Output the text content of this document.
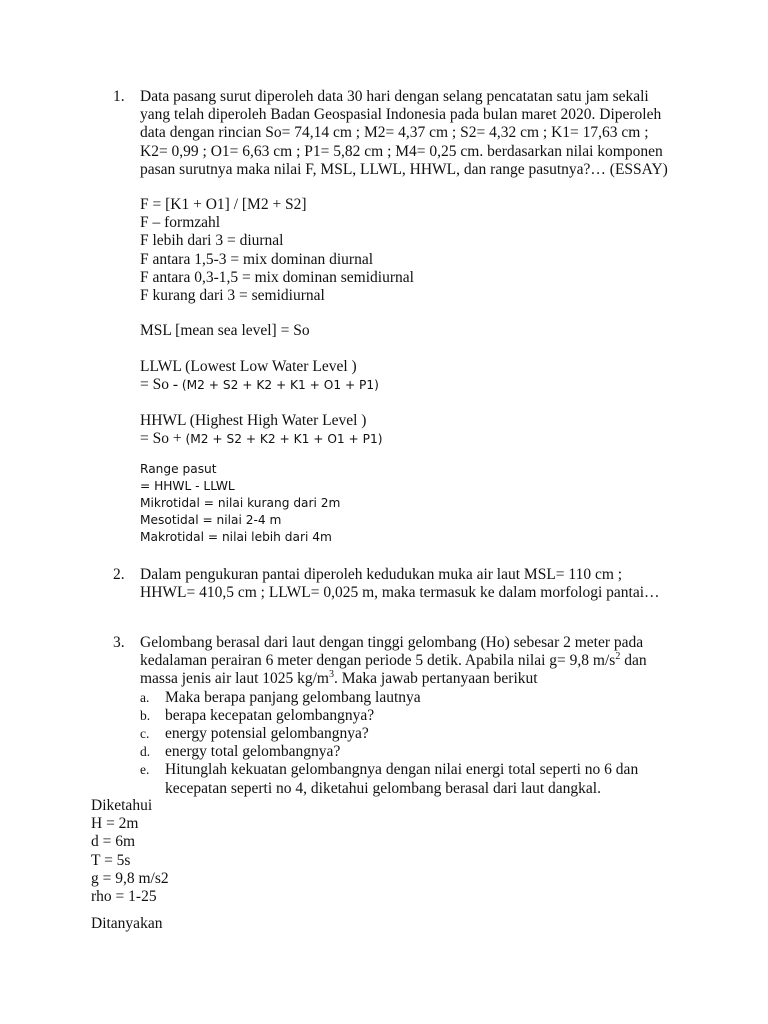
1. Data pasang surut diperoleh data 30 hari dengan selang pencatatan satu jam sekali
yang telah diperoleh Badan Geospasial Indonesia pada bulan maret 2020. Diperoleh
data dengan rincian So= 74,14 cm ; M2= 4,37 cm ; S2= 4,32 cm ; K1= 17,63 cm ;
K2= 0,99 ; O1= 6,63 cm ; P1= 5,82 cm ; M4= 0,25 cm. berdasarkan nilai komponen
pasan surutnya maka nilai F, MSL, LLWL, HHWL, dan range pasutnya?… (ESSAY)
F = [K1 + O1] / [M2 + S2]
F – formzahl
F lebih dari 3 = diurnal
F antara 1,5-3 = mix dominan diurnal
F antara 0,3-1,5 = mix dominan semidiurnal
F kurang dari 3 = semidiurnal
MSL [mean sea level] = So
LLWL (Lowest Low Water Level )
= So - (M2 + S2 + K2 + K1 + O1 + P1)
HHWL (Highest High Water Level )
= So + (M2 + S2 + K2 + K1 + O1 + P1)
Range pasut
= HHWL - LLWL
Mikrotidal = nilai kurang dari 2m
Mesotidal = nilai 2-4 m
Makrotidal = nilai lebih dari 4m
2. Dalam pengukuran pantai diperoleh kedudukan muka air laut MSL= 110 cm ;
HHWL= 410,5 cm ; LLWL= 0,025 m, maka termasuk ke dalam morfologi pantai…
3. Gelombang berasal dari laut dengan tinggi gelombang (Ho) sebesar 2 meter pada
kedalaman perairan 6 meter dengan periode 5 detik. Apabila nilai g= 9,8 $m/s^2$ dan
massa jenis air laut 1025 $kg/m^3$. Maka jawab pertanyaan berikut
a. Maka berapa panjang gelombang lautnya
b. berapa kecepatan gelombangnya?
c. energy potensial gelombangnya?
d. energy total gelombangnya?
e. Hitunglah kekuatan gelombangnya dengan nilai energi total seperti no 6 dan
kecepatan seperti no 4, diketahui gelombang berasal dari laut dangkal.
Diketahui
H = 2m
d = 6m
T = 5s
g = 9,8 m/s2
rho = 1-25
Ditanyakan
